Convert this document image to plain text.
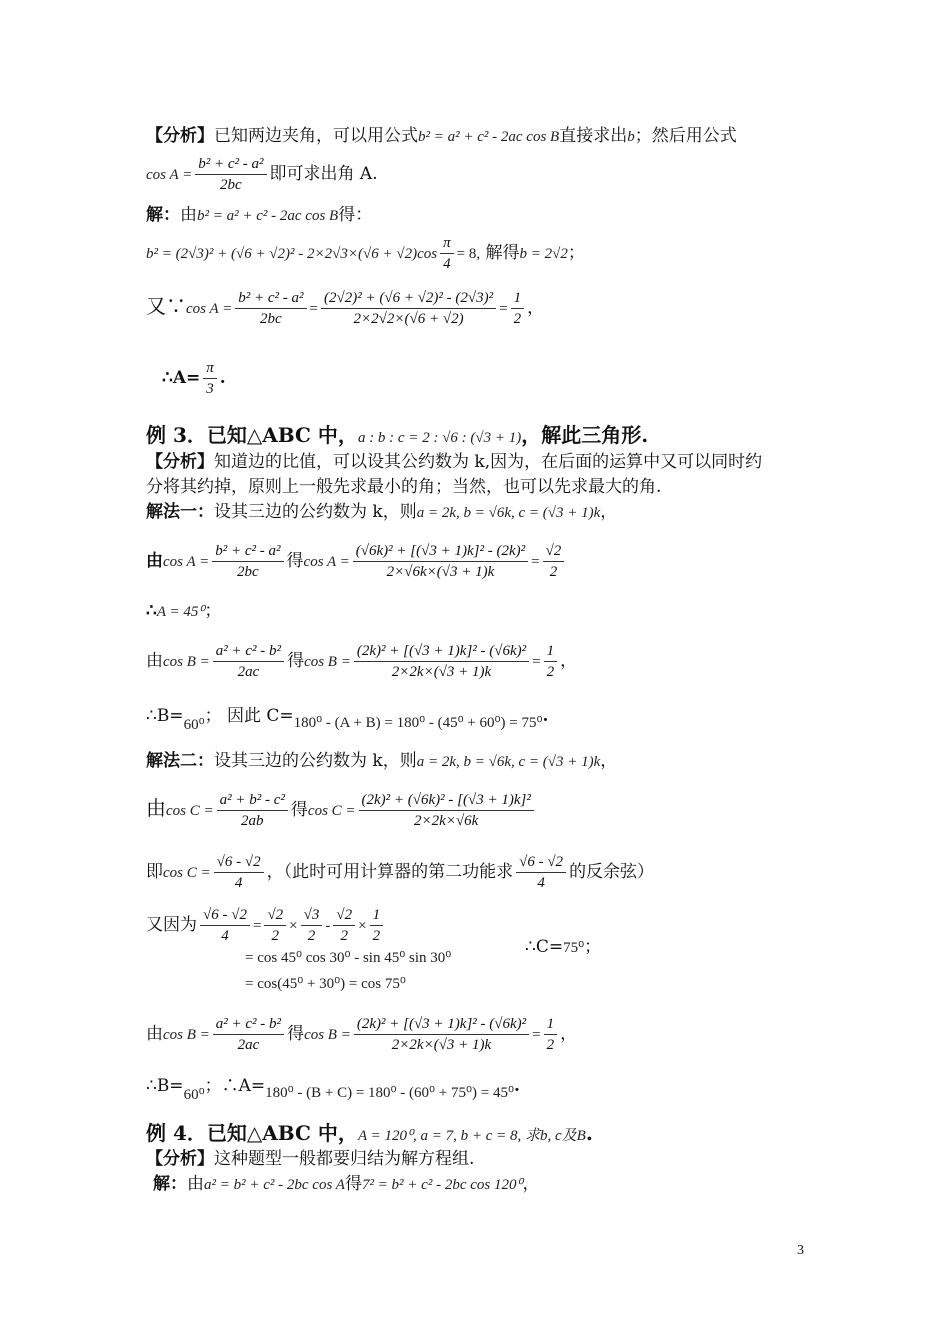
【分析】已知两边夹角，可以用公式b² = a² + c² - 2ac cos B直接求出b；然后用公式
$\cos A = \frac{\text{b² + c² - a²}}{2bc}$ 即可求出角 A.
解：由b² = a² + c² - 2ac cos B得：
$b^2 = (2√3)^2 + (√6 + √2)^2 - 2\times 2√3\times(√6 + √2)\cos \frac{\pi}{4} = 8$, 解得b = 2√2；
又∵cos $A = \frac{\text{b² + c² - a²}}{2bc} = \frac{\text{(2√2)² + (√6 + √2)² - (2√3)²}}{2\times 2√2\times(√6 + √2)} = \frac{1}{2}$ ，
∴A= $\frac{\pi}{3}$ .
例 3．已知△ABC 中，a : b : c = 2 : √6 : (√3 + 1)，解此三角形.
【分析】知道边的比值，可以设其公约数为 k,因为，在后面的运算中又可以同时约
分将其约掉，原则上一般先求最小的角；当然，也可以先求最大的角.
解法一：设其三边的公约数为 k，则a = 2k, b = √6k, c = (√3 + 1)k，
由$\cos A = \frac{\text{b² + c² - a²}}{2bc}$ 得$\cos A = \frac{\text{(√6k)² + [(√3 + 1)k]² - (2k)²}}{2\times√6k\times(√3 + 1)k} = \frac{√2}{2}$
∴A = 45⁰；
由$\cos B = \frac{\text{a² + c² - b²}}{2ac}$ 得$\cos B = \frac{\text{(2k)² + [(√3 + 1)k]² - (√6k)²}}{2\times 2k\times(√3 + 1)k} = \frac{1}{2}$ ，
∴B=60⁰； 因此 C=180⁰ - (A + B) = 180⁰ - (45⁰ + 60⁰) = 75⁰.
解法二：设其三边的公约数为 k，则a = 2k, b = √6k, c = (√3 + 1)k，
由$\cos C = \frac{\text{a² + b² - c²}}{2ab}$ 得$\cos C = \frac{\text{(2k)² + (√6k)² - [(√3 + 1)k]²}}{2\times 2k\times√6k}$
即$\cos C = \frac{√6 - √2}{4}$ ，（此时可用计算器的第二功能求 $\frac{√6 - √2}{4}$ 的反余弦）
又因为 $\frac{√6 - √2}{4} = \frac{√2}{2} \times \frac{√3}{2} - \frac{√2}{2} \times \frac{1}{2}$
= cos 45⁰ cos 30⁰ - sin 45⁰ sin 30⁰
∴C=75⁰；
= cos(45⁰ + 30⁰) = cos 75⁰
由$\cos B = \frac{\text{a² + c² - b²}}{2ac}$ 得$\cos B = \frac{\text{(2k)² + [(√3 + 1)k]² - (√6k)²}}{2\times 2k\times(√3 + 1)k} = \frac{1}{2}$ ，
∴B=60⁰；∴A=180⁰ - (B + C) = 180⁰ - (60⁰ + 75⁰) = 45⁰.
例 4．已知△ABC 中，A = 120⁰, a = 7, b + c = 8, 求b, c及B.
【分析】这种题型一般都要归结为解方程组.
解：由a² = b² + c² - 2bc cos A得7² = b² + c² - 2bc cos 120⁰，
3
